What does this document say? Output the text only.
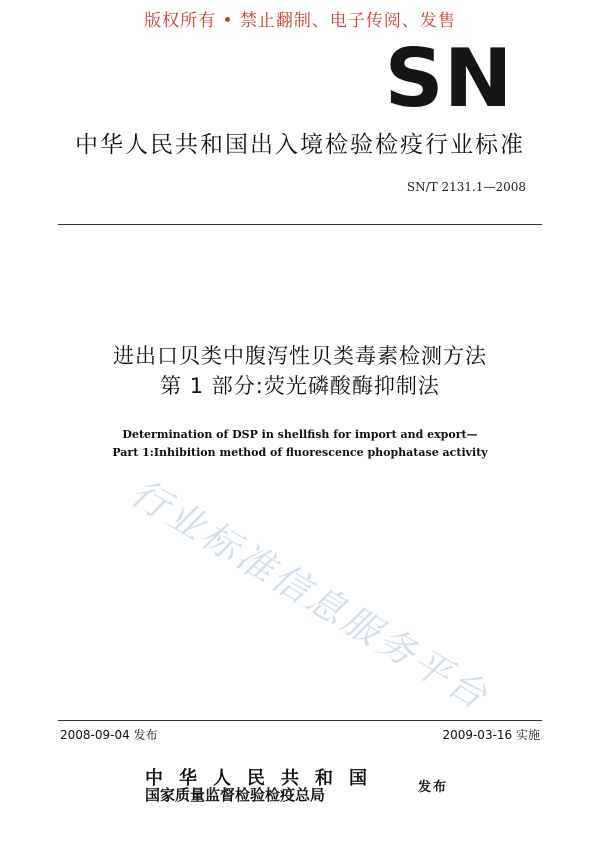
版权所有 • 禁止翻制、电子传阅、发售
SN
中华人民共和国出入境检验检疫行业标准
SN/T 2131.1—2008
进出口贝类中腹泻性贝类毒素检测方法
第 1 部分:荧光磷酸酶抑制法
Determination of DSP in shellfish for import and export—
Part 1:Inhibition method of fluorescence phophatase activity
行业标准信息服务平台
2008-09-04 发布	2009-03-16 实施
中华人民共和国
国家质量监督检验检疫总局	发布
